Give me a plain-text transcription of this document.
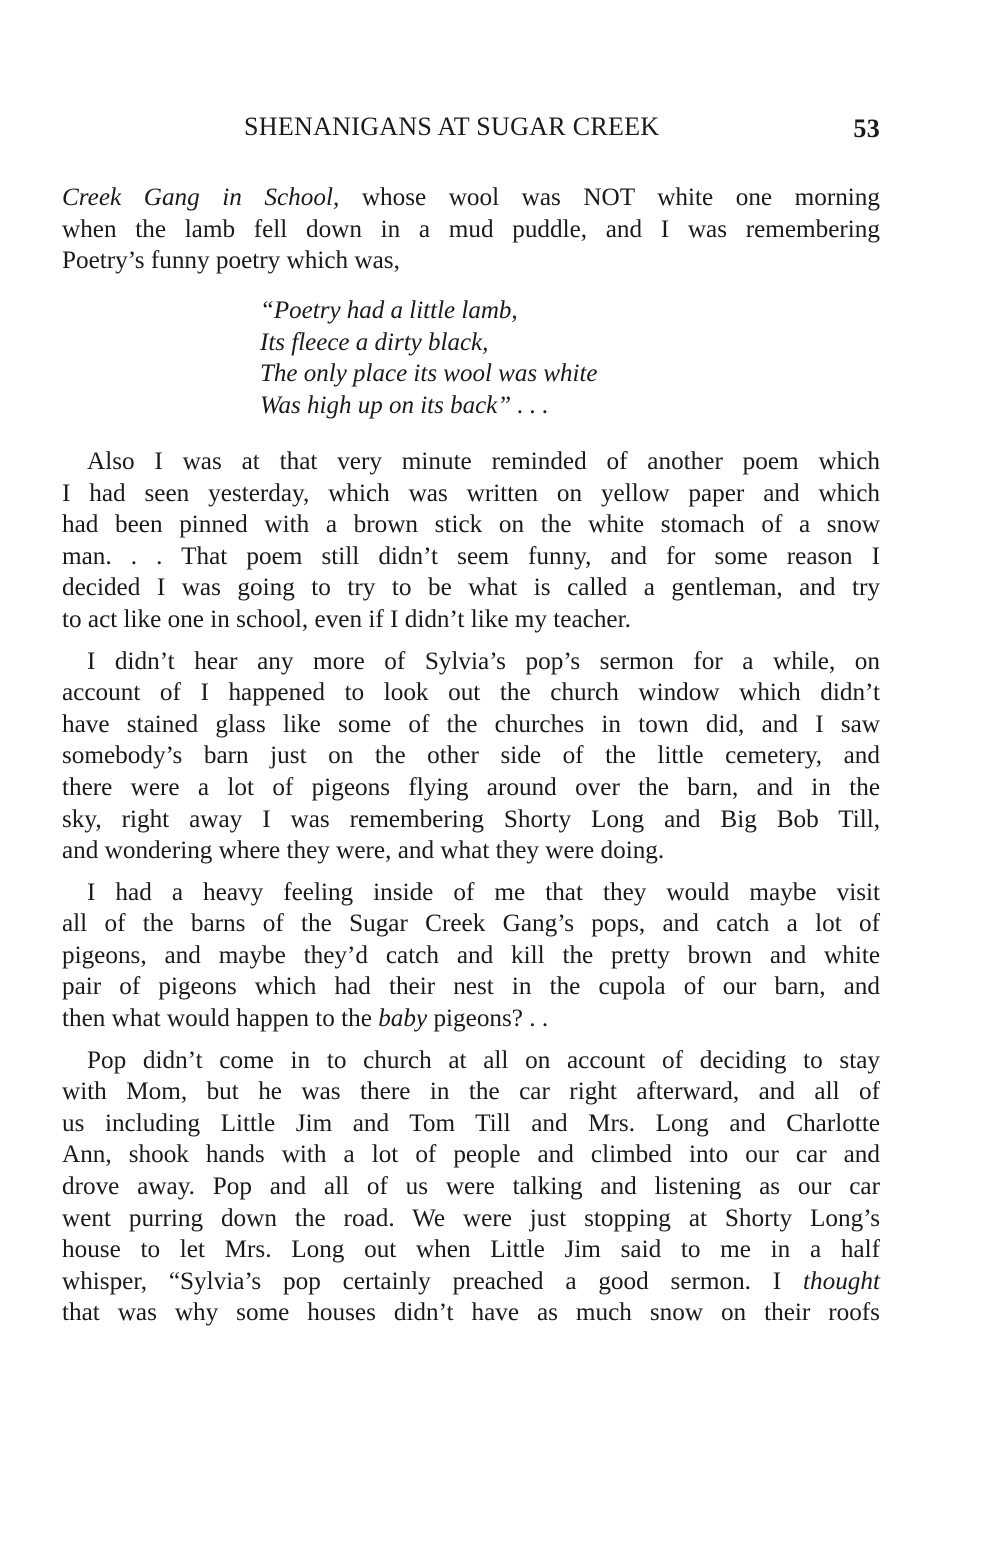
SHENANIGANS AT SUGAR CREEK	53
Creek Gang in School, whose wool was NOT white one morning
when the lamb fell down in a mud puddle, and I was remembering
Poetry’s funny poetry which was,
“Poetry had a little lamb,
Its fleece a dirty black,
The only place its wool was white
Was high up on its back” . . .
Also I was at that very minute reminded of another poem which
I had seen yesterday, which was written on yellow paper and which
had been pinned with a brown stick on the white stomach of a snow
man. . . That poem still didn’t seem funny, and for some reason I
decided I was going to try to be what is called a gentleman, and try
to act like one in school, even if I didn’t like my teacher.
I didn’t hear any more of Sylvia’s pop’s sermon for a while, on
account of I happened to look out the church window which didn’t
have stained glass like some of the churches in town did, and I saw
somebody’s barn just on the other side of the little cemetery, and
there were a lot of pigeons flying around over the barn, and in the
sky, right away I was remembering Shorty Long and Big Bob Till,
and wondering where they were, and what they were doing.
I had a heavy feeling inside of me that they would maybe visit
all of the barns of the Sugar Creek Gang’s pops, and catch a lot of
pigeons, and maybe they’d catch and kill the pretty brown and white
pair of pigeons which had their nest in the cupola of our barn, and
then what would happen to the baby pigeons? . .
Pop didn’t come in to church at all on account of deciding to stay
with Mom, but he was there in the car right afterward, and all of
us including Little Jim and Tom Till and Mrs. Long and Charlotte
Ann, shook hands with a lot of people and climbed into our car and
drove away. Pop and all of us were talking and listening as our car
went purring down the road. We were just stopping at Shorty Long’s
house to let Mrs. Long out when Little Jim said to me in a half
whisper, “Sylvia’s pop certainly preached a good sermon. I thought
that was why some houses didn’t have as much snow on their roofs
